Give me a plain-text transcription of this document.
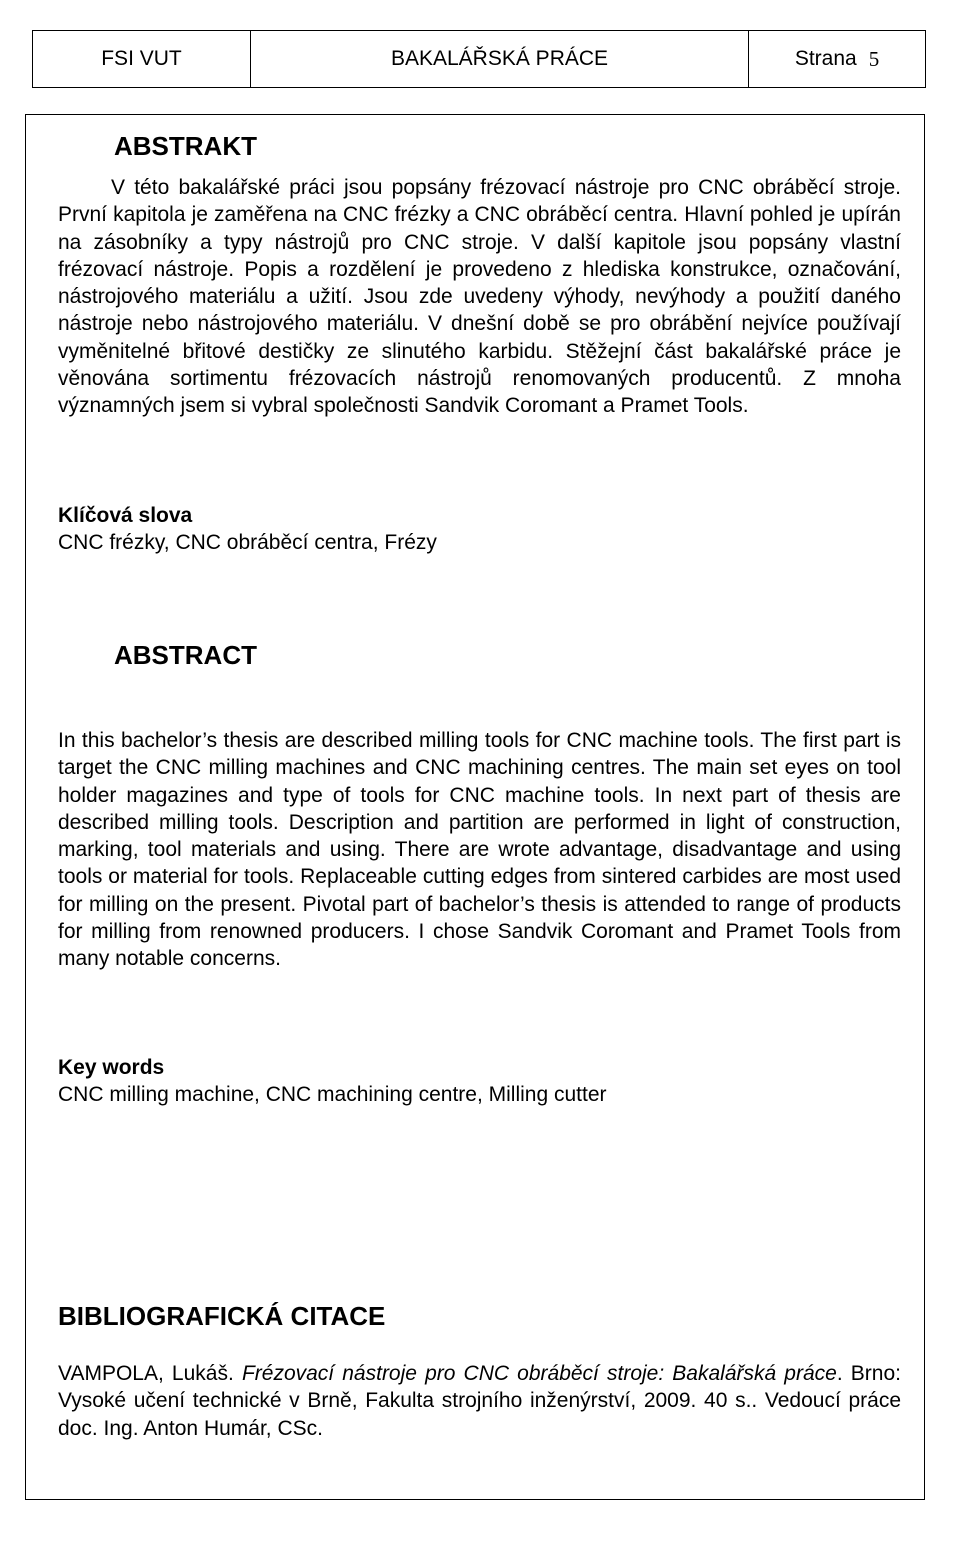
FSI VUT	BAKALÁŘSKÁ PRÁCE	Strana 5
ABSTRAKT

V této bakalářské práci jsou popsány frézovací nástroje pro CNC obráběcí stroje. První kapitola je zaměřena na CNC frézky a CNC obráběcí centra. Hlavní pohled je upírán na zásobníky a typy nástrojů pro CNC stroje. V další kapitole jsou popsány vlastní frézovací nástroje. Popis a rozdělení je provedeno z hlediska konstrukce, označování, nástrojového materiálu a užití. Jsou zde uvedeny výhody, nevýhody a použití daného nástroje nebo nástrojového materiálu. V dnešní době se pro obrábění nejvíce používají vyměnitelné břitové destičky ze slinutého karbidu. Stěžejní část bakalářské práce je věnována sortimentu frézovacích nástrojů renomovaných producentů. Z mnoha významných jsem si vybral společnosti Sandvik Coromant a Pramet Tools.

Klíčová slova
CNC frézky, CNC obráběcí centra, Frézy
ABSTRACT

In this bachelor’s thesis are described milling tools for CNC machine tools. The first part is target the CNC milling machines and CNC machining centres. The main set eyes on tool holder magazines and type of tools for CNC machine tools. In next part of thesis are described milling tools. Description and partition are performed in light of construction, marking, tool materials and using. There are wrote advantage, disadvantage and using tools or material for tools. Replaceable cutting edges from sintered carbides are most used for milling on the present. Pivotal part of bachelor’s thesis is attended to range of products for milling from renowned producers. I chose Sandvik Coromant and Pramet Tools from many notable concerns.

Key words
CNC milling machine, CNC machining centre, Milling cutter
BIBLIOGRAFICKÁ CITACE

VAMPOLA, Lukáš. Frézovací nástroje pro CNC obráběcí stroje: Bakalářská práce. Brno: Vysoké učení technické v Brně, Fakulta strojního inženýrství, 2009. 40 s.. Vedoucí práce doc. Ing. Anton Humár, CSc.
